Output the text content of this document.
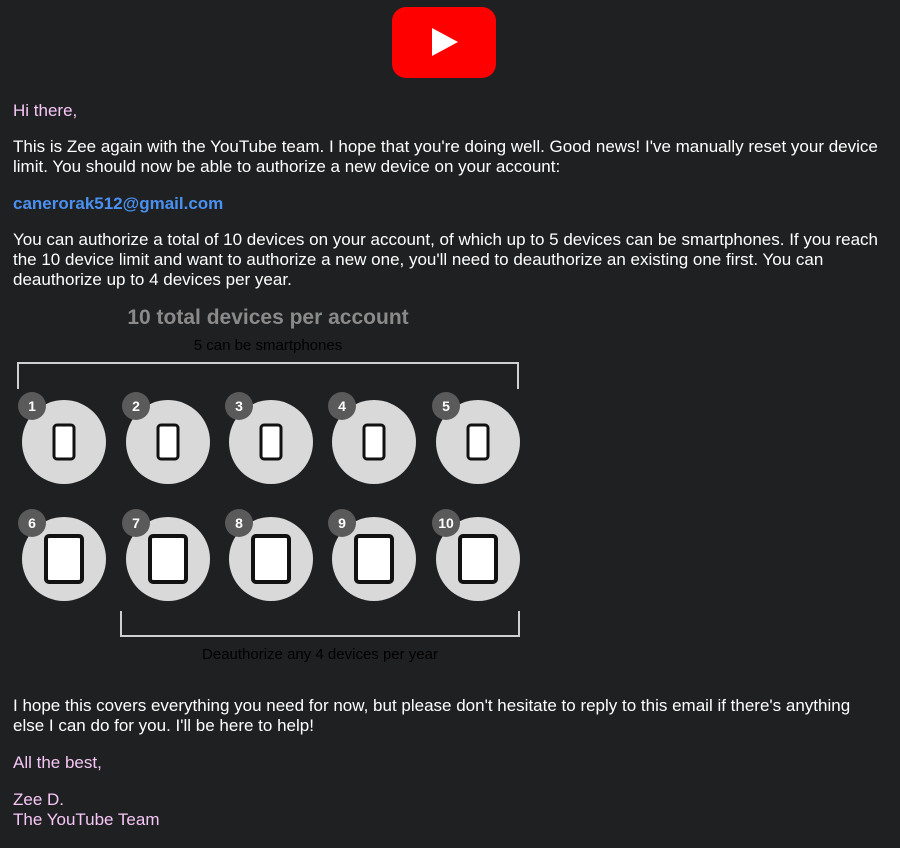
Hi there,

This is Zee again with the YouTube team. I hope that you're doing well. Good news! I've manually reset your device limit. You should now be able to authorize a new device on your account:

canerorak512@gmail.com

You can authorize a total of 10 devices on your account, of which up to 5 devices can be smartphones. If you reach the 10 device limit and want to authorize a new one, you'll need to deauthorize an existing one first. You can deauthorize up to 4 devices per year.

10 total devices per account
5 can be smartphones
1	2	3	4	5
6	7	8	9	10
Deauthorize any 4 devices per year

I hope this covers everything you need for now, but please don't hesitate to reply to this email if there's anything else I can do for you. I'll be here to help!

All the best,

Zee D.

The YouTube Team
